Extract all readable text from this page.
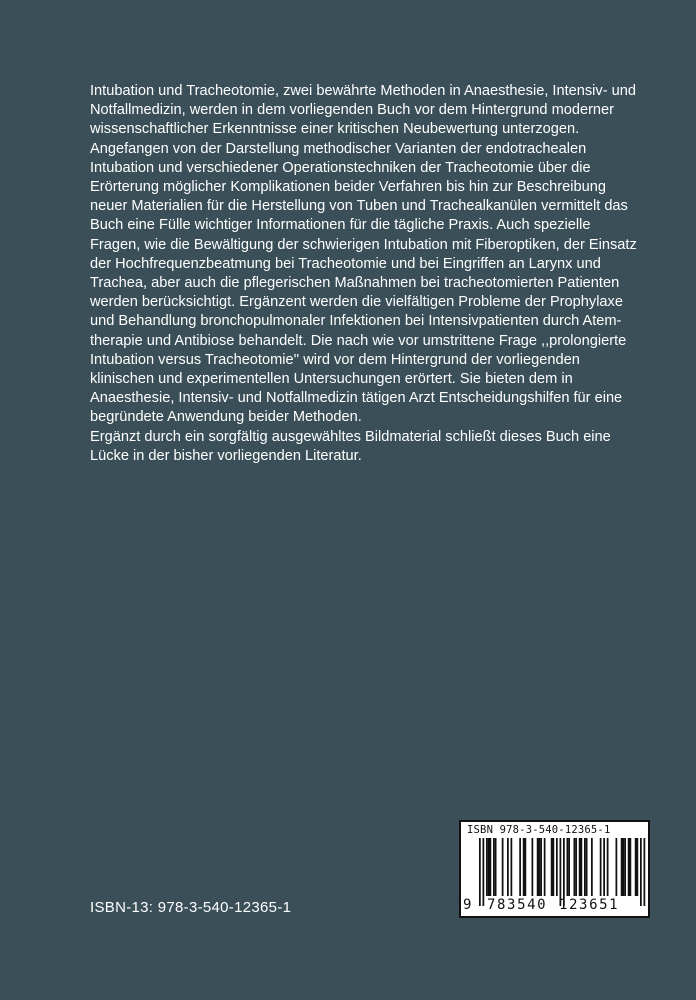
Intubation und Tracheotomie, zwei bewährte Methoden in Anaesthesie, Intensiv- und
Notfallmedizin, werden in dem vorliegenden Buch vor dem Hintergrund moderner
wissenschaftlicher Erkenntnisse einer kritischen Neubewertung unterzogen.
Angefangen von der Darstellung methodischer Varianten der endotrachealen
Intubation und verschiedener Operationstechniken der Tracheotomie über die
Erörterung möglicher Komplikationen beider Verfahren bis hin zur Beschreibung
neuer Materialien für die Herstellung von Tuben und Trachealkanülen vermittelt das
Buch eine Fülle wichtiger Informationen für die tägliche Praxis. Auch spezielle
Fragen, wie die Bewältigung der schwierigen Intubation mit Fiberoptiken, der Einsatz
der Hochfrequenzbeatmung bei Tracheotomie und bei Eingriffen an Larynx und
Trachea, aber auch die pflegerischen Maßnahmen bei tracheotomierten Patienten
werden berücksichtigt. Ergänzent werden die vielfältigen Probleme der Prophylaxe
und Behandlung bronchopulmonaler Infektionen bei Intensivpatienten durch Atem-
therapie und Antibiose behandelt. Die nach wie vor umstrittene Frage ,,prolongierte
Intubation versus Tracheotomie'' wird vor dem Hintergrund der vorliegenden
klinischen und experimentellen Untersuchungen erörtert. Sie bieten dem in
Anaesthesie, Intensiv- und Notfallmedizin tätigen Arzt Entscheidungshilfen für eine
begründete Anwendung beider Methoden.
Ergänzt durch ein sorgfältig ausgewähltes Bildmaterial schließt dieses Buch eine
Lücke in der bisher vorliegenden Literatur.
ISBN-13: 978-3-540-12365-1
ISBN 978-3-540-12365-1
9 783540 123651
